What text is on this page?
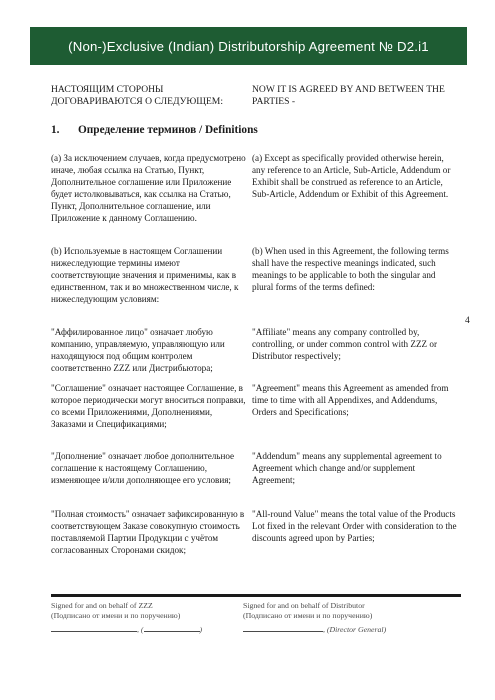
(Non-)Exclusive (Indian) Distributorship Agreement № D2.i1
НАСТОЯЩИМ СТОРОНЫ ДОГОВАРИВАЮТСЯ О СЛЕДУЮЩЕМ:
NOW IT IS AGREED BY AND BETWEEN THE PARTIES -
1. Определение терминов / Definitions
(а) За исключением случаев, когда предусмотрено иначе, любая ссылка на Статью, Пункт, Дополнительное соглашение или Приложение будет истолковываться, как ссылка на Статью, Пункт, Дополнительное соглашение, или Приложение к данному Соглашению.
(a) Except as specifically provided otherwise herein, any reference to an Article, Sub-Article, Addendum or Exhibit shall be construed as reference to an Article, Sub-Article, Addendum or Exhibit of this Agreement.
(b) Используемые в настоящем Соглашении нижеследующие термины имеют соответствующие значения и применимы, как в единственном, так и во множественном числе, к нижеследующим условиям:
(b) When used in this Agreement, the following terms shall have the respective meanings indicated, such meanings to be applicable to both the singular and plural forms of the terms defined:
"Аффилированное лицо" означает любую компанию, управляемую, управляющую или находящуюся под общим контролем соответственно ZZZ или Дистрибьютора;
"Affiliate" means any company controlled by, controlling, or under common control with ZZZ or Distributor respectively;
"Соглашение" означает настоящее Соглашение, в которое периодически могут вноситься поправки, со всеми Приложениями, Дополнениями, Заказами и Спецификациями;
"Agreement" means this Agreement as amended from time to time with all Appendixes, and Addendums, Orders and Specifications;
"Дополнение" означает любое дополнительное соглашение к настоящему Соглашению, изменяющее и/или дополняющее его условия;
"Addendum" means any supplemental agreement to Agreement which change and/or supplement Agreement;
"Полная стоимость" означает зафиксированную в соответствующем Заказе совокупную стоимость поставляемой Партии Продукции с учётом согласованных Сторонами скидок;
"All-round Value" means the total value of the Products Lot fixed in the relevant Order with consideration to the discounts agreed upon by Parties;
4
Signed for and on behalf of ZZZ
(Подписано от имени и по поручению)
Signed for and on behalf of Distributor
(Подписано от имени и по поручению)
, (	)	, (Director General)
